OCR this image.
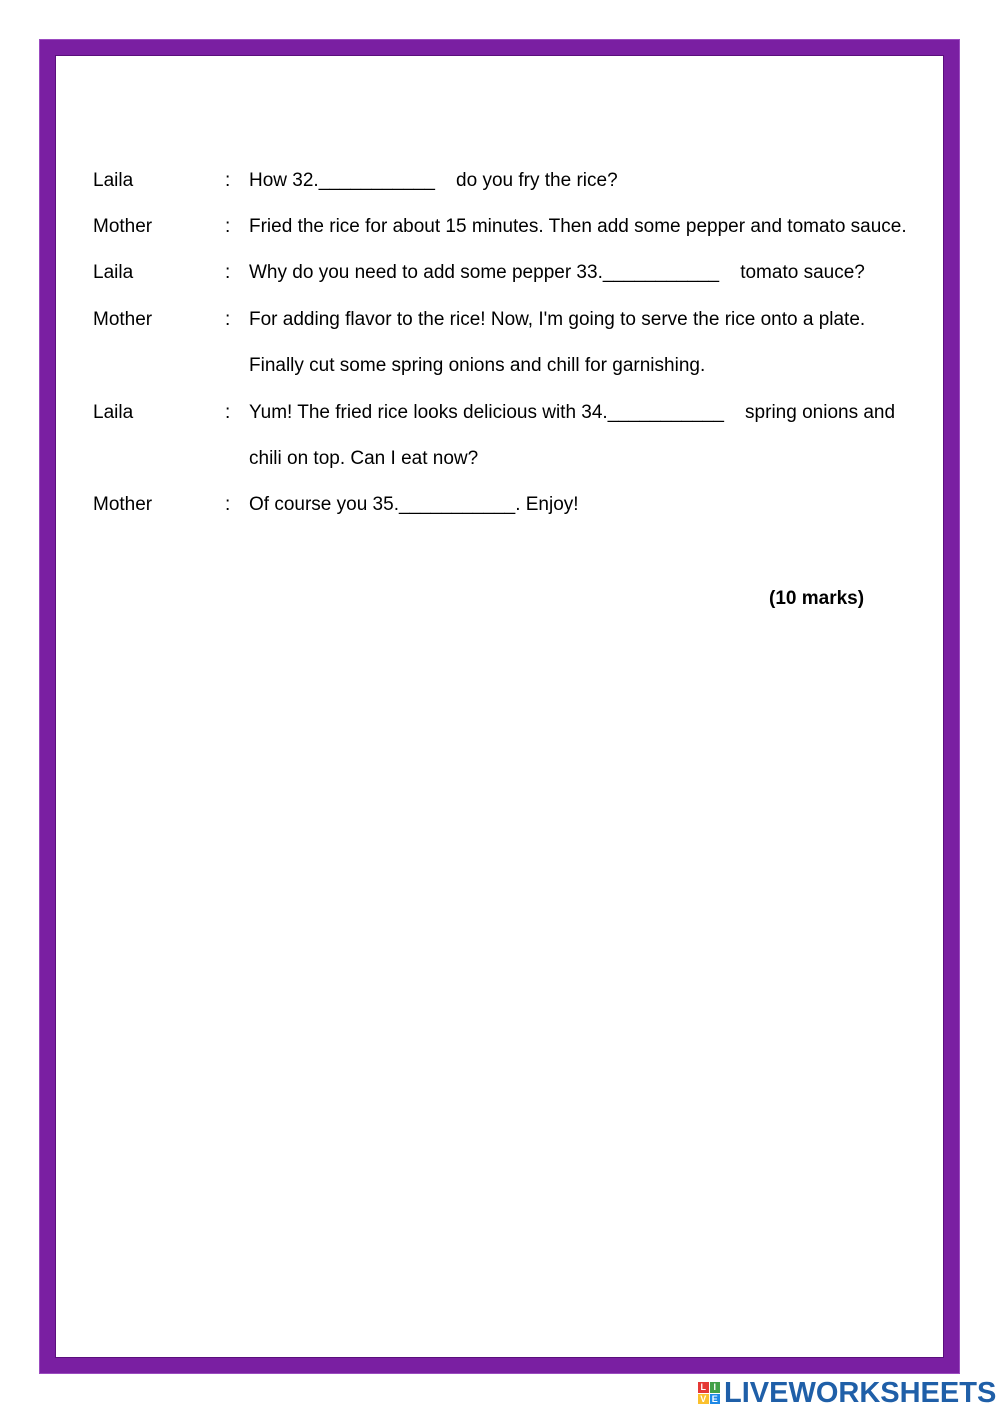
Laila	: How 32.___________    do you fry the rice?
Mother	: Fried the rice for about 15 minutes. Then add some pepper and tomato sauce.
Laila	: Why do you need to add some pepper 33.___________    tomato sauce?
Mother	: For adding flavor to the rice! Now, I'm going to serve the rice onto a plate.
Finally cut some spring onions and chill for garnishing.
Laila	: Yum! The fried rice looks delicious with 34.___________    spring onions and
chili on top. Can I eat now?
Mother	: Of course you 35.___________. Enjoy!
(10 marks)
L I
V E LIVEWORKSHEETS
